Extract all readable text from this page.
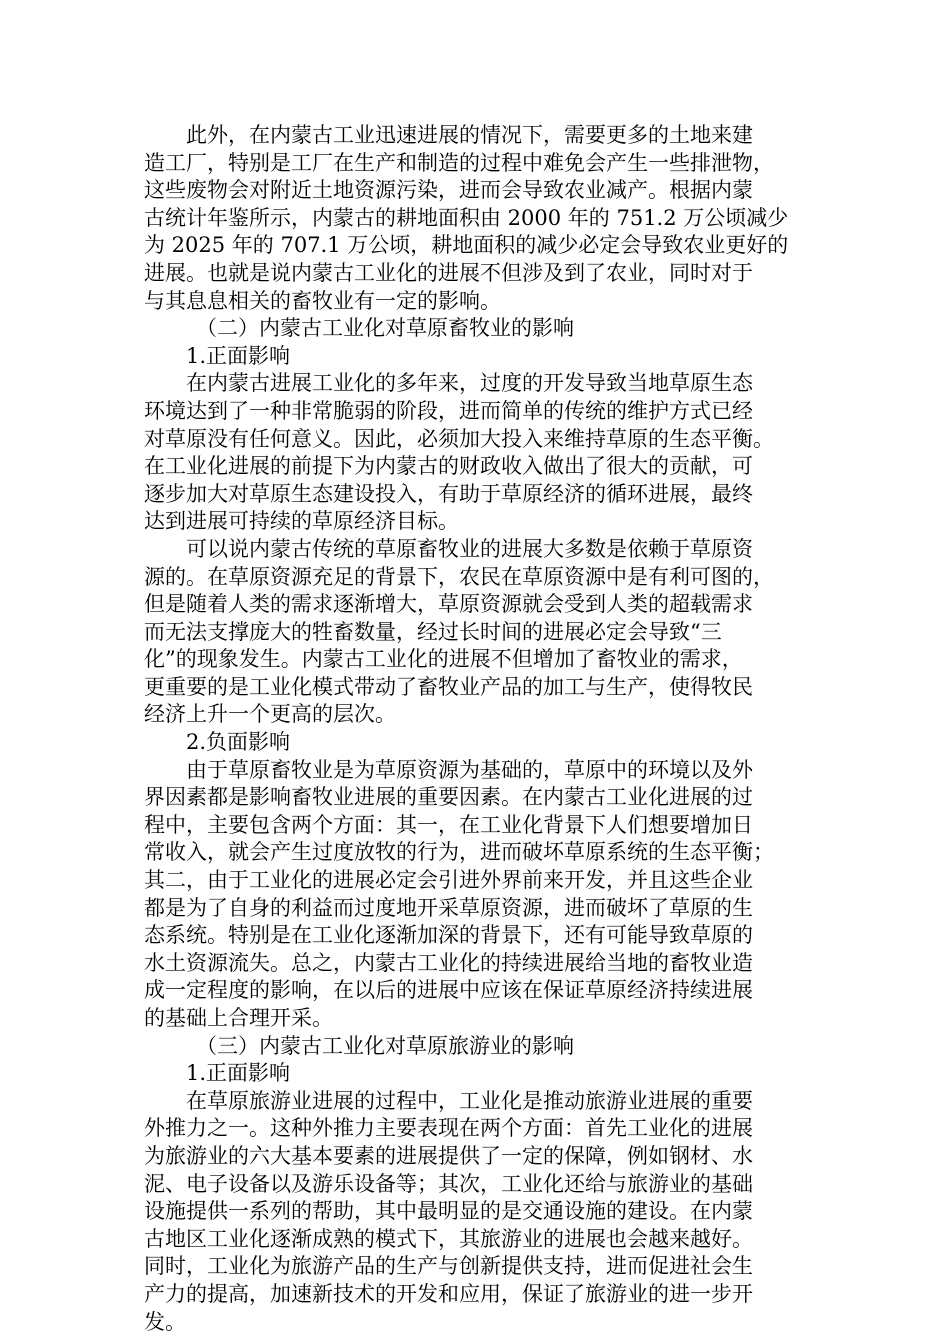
此外，在内蒙古工业迅速进展的情况下，需要更多的土地来建
造工厂，特别是工厂在生产和制造的过程中难免会产生一些排泄物，
这些废物会对附近土地资源污染，进而会导致农业减产。根据内蒙
古统计年鉴所示，内蒙古的耕地面积由 2000 年的 751.2 万公顷减少
为 2025 年的 707.1 万公顷，耕地面积的减少必定会导致农业更好的
进展。也就是说内蒙古工业化的进展不但涉及到了农业，同时对于
与其息息相关的畜牧业有一定的影响。
（二）内蒙古工业化对草原畜牧业的影响
1.正面影响
在内蒙古进展工业化的多年来，过度的开发导致当地草原生态
环境达到了一种非常脆弱的阶段，进而简单的传统的维护方式已经
对草原没有任何意义。因此，必须加大投入来维持草原的生态平衡。
在工业化进展的前提下为内蒙古的财政收入做出了很大的贡献，可
逐步加大对草原生态建设投入，有助于草原经济的循环进展，最终
达到进展可持续的草原经济目标。
可以说内蒙古传统的草原畜牧业的进展大多数是依赖于草原资
源的。在草原资源充足的背景下，农民在草原资源中是有利可图的，
但是随着人类的需求逐渐增大，草原资源就会受到人类的超载需求
而无法支撑庞大的牲畜数量，经过长时间的进展必定会导致“三
化”的现象发生。内蒙古工业化的进展不但增加了畜牧业的需求，
更重要的是工业化模式带动了畜牧业产品的加工与生产，使得牧民
经济上升一个更高的层次。
2.负面影响
由于草原畜牧业是为草原资源为基础的，草原中的环境以及外
界因素都是影响畜牧业进展的重要因素。在内蒙古工业化进展的过
程中，主要包含两个方面：其一，在工业化背景下人们想要增加日
常收入，就会产生过度放牧的行为，进而破坏草原系统的生态平衡；
其二，由于工业化的进展必定会引进外界前来开发，并且这些企业
都是为了自身的利益而过度地开采草原资源，进而破坏了草原的生
态系统。特别是在工业化逐渐加深的背景下，还有可能导致草原的
水土资源流失。总之，内蒙古工业化的持续进展给当地的畜牧业造
成一定程度的影响，在以后的进展中应该在保证草原经济持续进展
的基础上合理开采。
（三）内蒙古工业化对草原旅游业的影响
1.正面影响
在草原旅游业进展的过程中，工业化是推动旅游业进展的重要
外推力之一。这种外推力主要表现在两个方面：首先工业化的进展
为旅游业的六大基本要素的进展提供了一定的保障，例如钢材、水
泥、电子设备以及游乐设备等；其次，工业化还给与旅游业的基础
设施提供一系列的帮助，其中最明显的是交通设施的建设。在内蒙
古地区工业化逐渐成熟的模式下，其旅游业的进展也会越来越好。
同时，工业化为旅游产品的生产与创新提供支持，进而促进社会生
产力的提高，加速新技术的开发和应用，保证了旅游业的进一步开
发。
